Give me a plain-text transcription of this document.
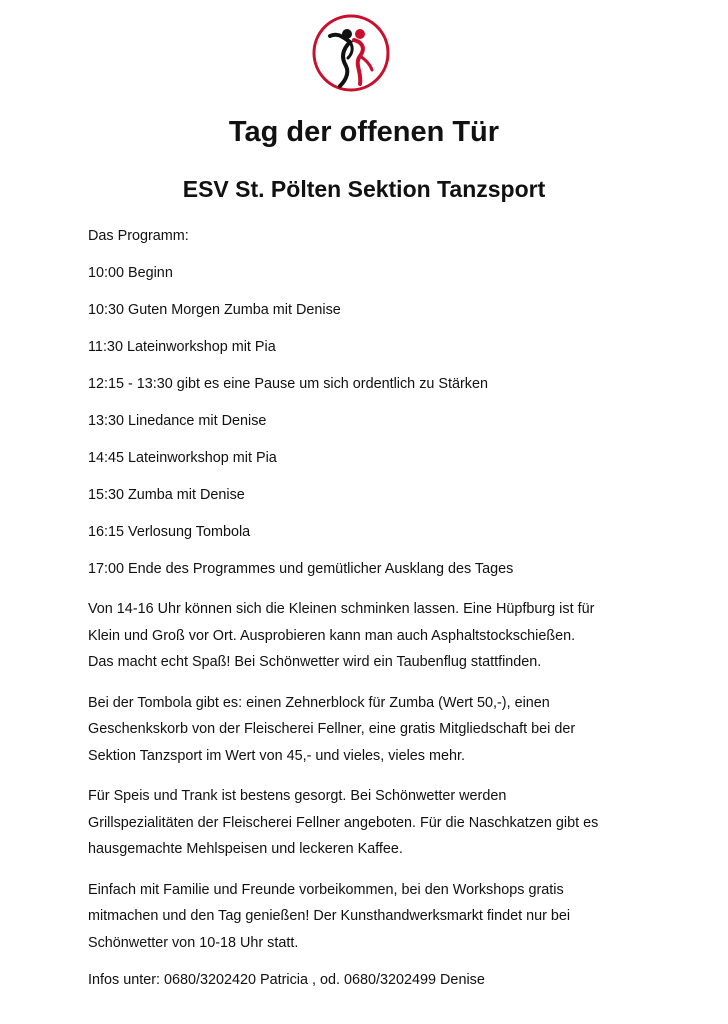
Tag der offenen Tür
ESV St. Pölten Sektion Tanzsport

Das Programm:

10:00 Beginn

10:30 Guten Morgen Zumba mit Denise

11:30 Lateinworkshop mit Pia

12:15 - 13:30 gibt es eine Pause um sich ordentlich zu Stärken

13:30 Linedance mit Denise

14:45 Lateinworkshop mit Pia

15:30 Zumba mit Denise

16:15 Verlosung Tombola

17:00 Ende des Programmes und gemütlicher Ausklang des Tages

Von 14-16 Uhr können sich die Kleinen schminken lassen. Eine Hüpfburg ist für
Klein und Groß vor Ort. Ausprobieren kann man auch Asphaltstockschießen.
Das macht echt Spaß! Bei Schönwetter wird ein Taubenflug stattfinden.

Bei der Tombola gibt es: einen Zehnerblock für Zumba (Wert 50,-), einen
Geschenkskorb von der Fleischerei Fellner, eine gratis Mitgliedschaft bei der
Sektion Tanzsport im Wert von 45,- und vieles, vieles mehr.

Für Speis und Trank ist bestens gesorgt. Bei Schönwetter werden
Grillspezialitäten der Fleischerei Fellner angeboten. Für die Naschkatzen gibt es
hausgemachte Mehlspeisen und leckeren Kaffee.

Einfach mit Familie und Freunde vorbeikommen, bei den Workshops gratis
mitmachen und den Tag genießen! Der Kunsthandwerksmarkt findet nur bei
Schönwetter von 10-18 Uhr statt.

Infos unter: 0680/3202420 Patricia , od. 0680/3202499 Denise
